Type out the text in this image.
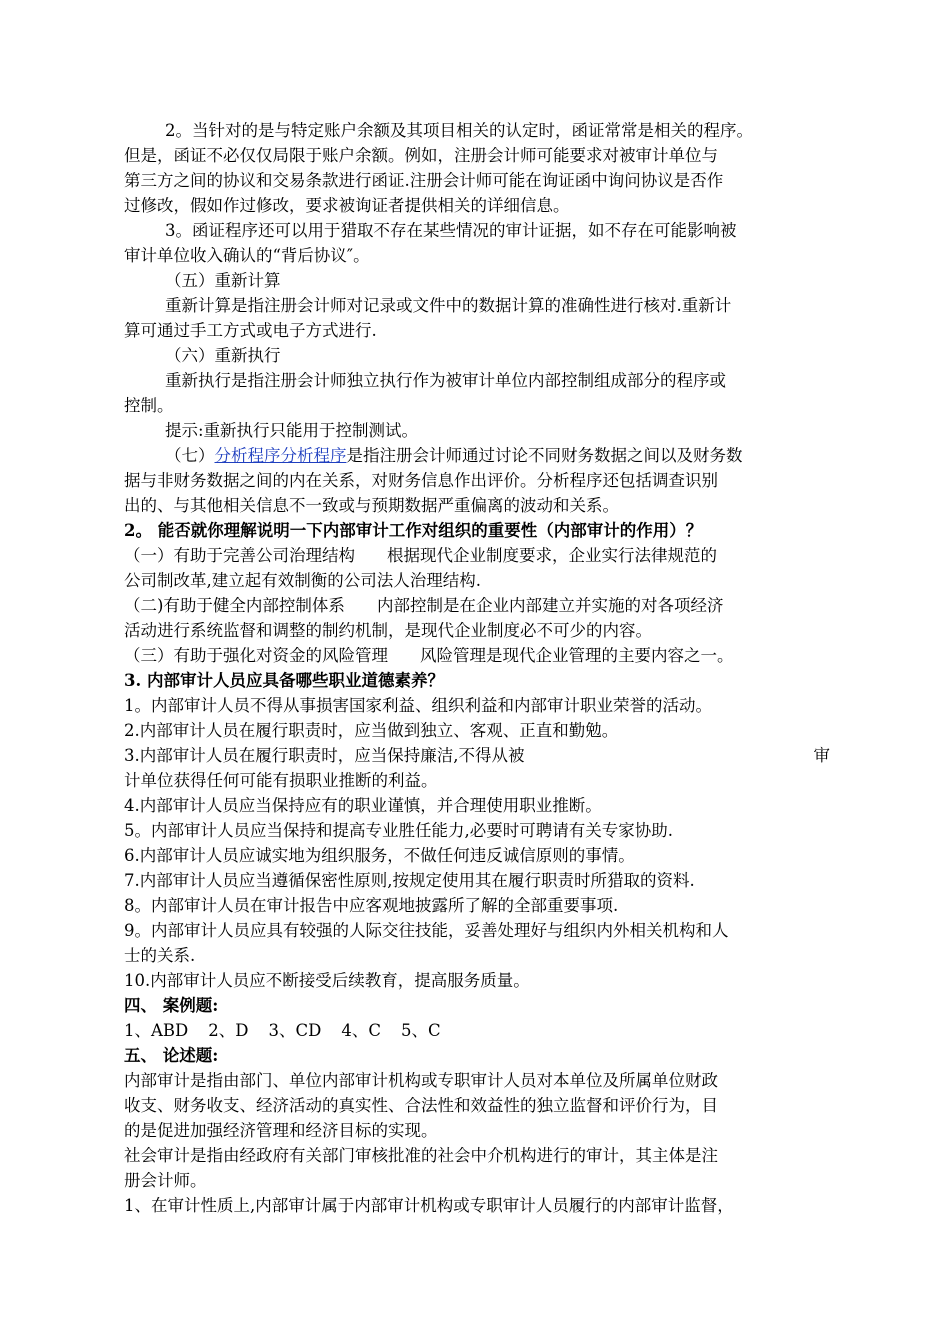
2。当针对的是与特定账户余额及其项目相关的认定时，函证常常是相关的程序。
但是，函证不必仅仅局限于账户余额。例如，注册会计师可能要求对被审计单位与
第三方之间的协议和交易条款进行函证.注册会计师可能在询证函中询问协议是否作
过修改，假如作过修改，要求被询证者提供相关的详细信息。
3。函证程序还可以用于猎取不存在某些情况的审计证据，如不存在可能影响被
审计单位收入确认的“背后协议″。
（五）重新计算
重新计算是指注册会计师对记录或文件中的数据计算的准确性进行核对.重新计
算可通过手工方式或电子方式进行.
（六）重新执行
重新执行是指注册会计师独立执行作为被审计单位内部控制组成部分的程序或
控制。
提示:重新执行只能用于控制测试。
（七）分析程序分析程序是指注册会计师通过讨论不同财务数据之间以及财务数
据与非财务数据之间的内在关系，对财务信息作出评价。分析程序还包括调查识别
出的、与其他相关信息不一致或与预期数据严重偏离的波动和关系。
2。 能否就你理解说明一下内部审计工作对组织的重要性（内部审计的作用）？
（一）有助于完善公司治理结构 根据现代企业制度要求，企业实行法律规范的
公司制改革,建立起有效制衡的公司法人治理结构.
（二)有助于健全内部控制体系 内部控制是在企业内部建立并实施的对各项经济
活动进行系统监督和调整的制约机制，是现代企业制度必不可少的内容。
（三）有助于强化对资金的风险管理 风险管理是现代企业管理的主要内容之一。
3. 内部审计人员应具备哪些职业道德素养？
1。内部审计人员不得从事损害国家利益、组织利益和内部审计职业荣誉的活动。
2.内部审计人员在履行职责时，应当做到独立、客观、正直和勤勉。
3.内部审计人员在履行职责时，应当保持廉洁,不得从被	审
计单位获得任何可能有损职业推断的利益。
4.内部审计人员应当保持应有的职业谨慎，并合理使用职业推断。
5。内部审计人员应当保持和提高专业胜任能力,必要时可聘请有关专家协助.
6.内部审计人员应诚实地为组织服务，不做任何违反诚信原则的事情。
7.内部审计人员应当遵循保密性原则,按规定使用其在履行职责时所猎取的资料.
8。内部审计人员在审计报告中应客观地披露所了解的全部重要事项.
9。内部审计人员应具有较强的人际交往技能，妥善处理好与组织内外相关机构和人
士的关系.
10.内部审计人员应不断接受后续教育，提高服务质量。
四、 案例题:
1、ABD 2、D 3、CD 4、C 5、C
五、 论述题:
内部审计是指由部门、单位内部审计机构或专职审计人员对本单位及所属单位财政
收支、财务收支、经济活动的真实性、合法性和效益性的独立监督和评价行为，目
的是促进加强经济管理和经济目标的实现。
社会审计是指由经政府有关部门审核批准的社会中介机构进行的审计，其主体是注
册会计师。
1、在审计性质上,内部审计属于内部审计机构或专职审计人员履行的内部审计监督，
